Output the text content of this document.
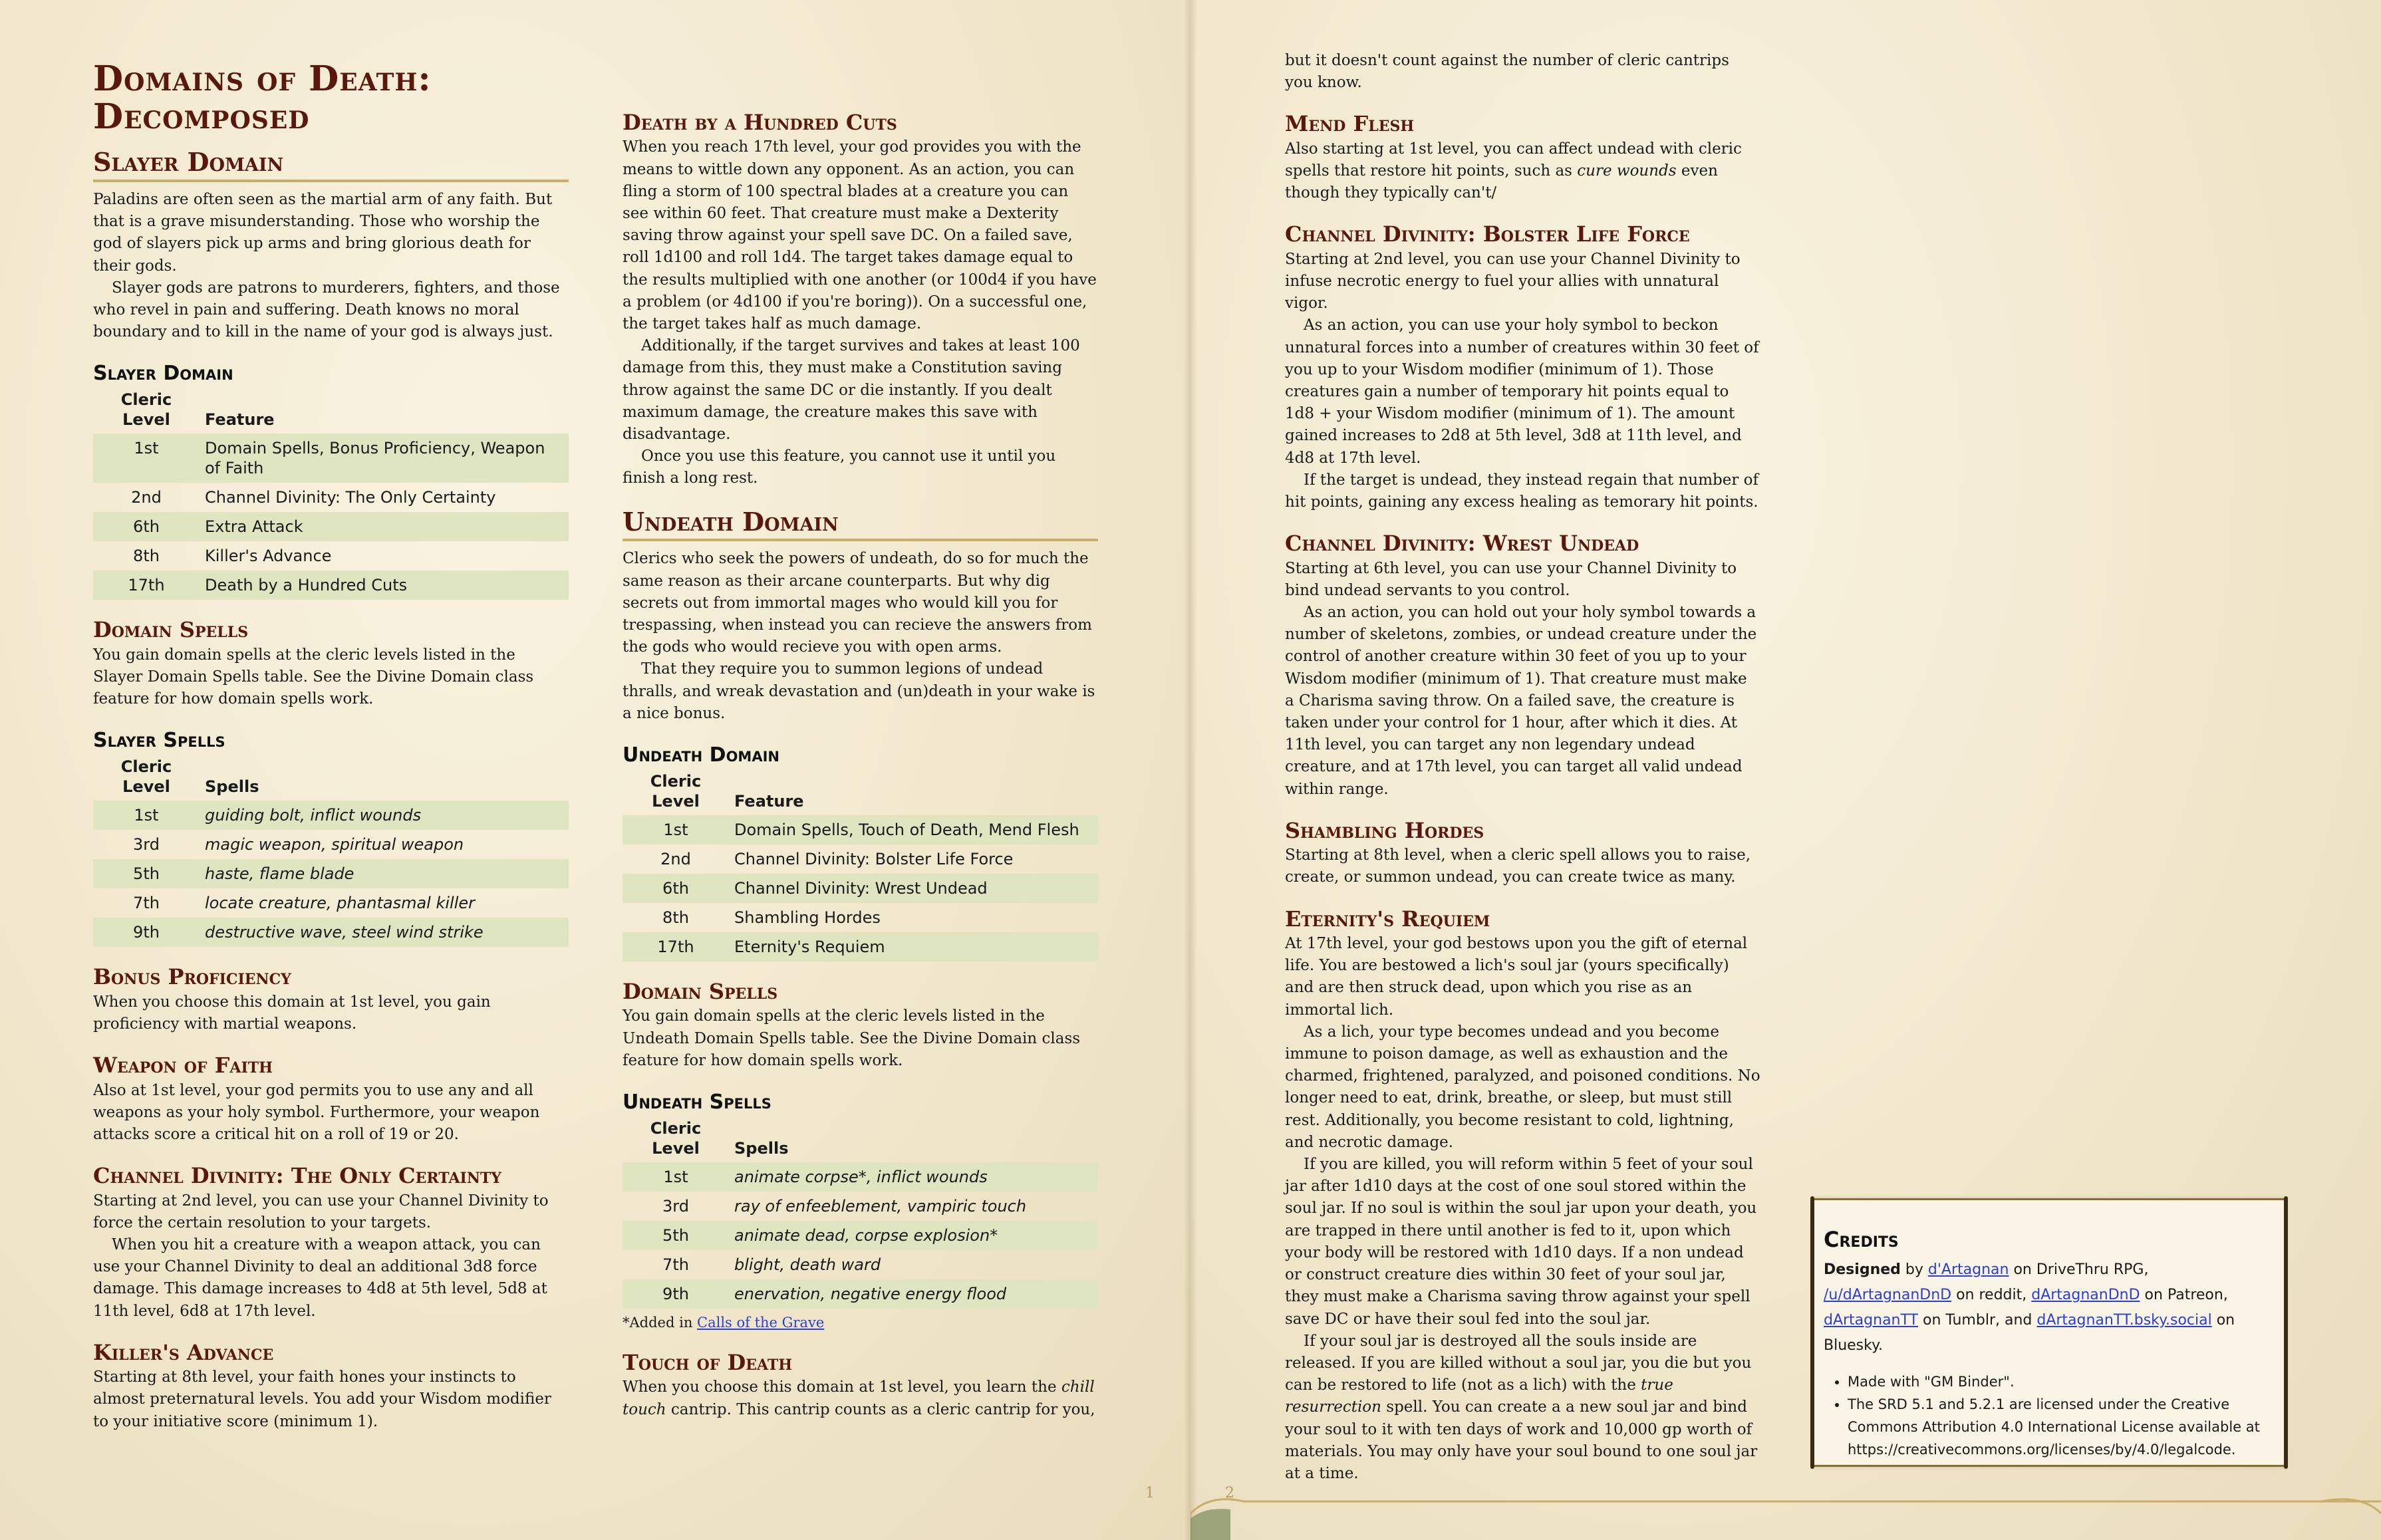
Domains of Death: Decomposed
Slayer Domain

Paladins are often seen as the martial arm of any faith. But that is a grave misunderstanding. Those who worship the god of slayers pick up arms and bring glorious death for their gods.

Slayer gods are patrons to murderers, fighters, and those who revel in pain and suffering. Death knows no moral boundary and to kill in the name of your god is always just.

Slayer Domain
Cleric Level	Feature
1st	Domain Spells, Bonus Proficiency, Weapon of Faith
2nd	Channel Divinity: The Only Certainty
6th	Extra Attack
8th	Killer's Advance
17th	Death by a Hundred Cuts
Domain Spells

You gain domain spells at the cleric levels listed in the Slayer Domain Spells table. See the Divine Domain class feature for how domain spells work.

Slayer Spells
Cleric Level	Spells
1st	guiding bolt, inflict wounds
3rd	magic weapon, spiritual weapon
5th	haste, flame blade
7th	locate creature, phantasmal killer
9th	destructive wave, steel wind strike
Bonus Proficiency

When you choose this domain at 1st level, you gain proficiency with martial weapons.

Weapon of Faith

Also at 1st level, your god permits you to use any and all weapons as your holy symbol. Furthermore, your weapon attacks score a critical hit on a roll of 19 or 20.

Channel Divinity: The Only Certainty

Starting at 2nd level, you can use your Channel Divinity to force the certain resolution to your targets.

When you hit a creature with a weapon attack, you can use your Channel Divinity to deal an additional 3d8 force damage. This damage increases to 4d8 at 5th level, 5d8 at 11th level, 6d8 at 17th level.

Killer's Advance

Starting at 8th level, your faith hones your instincts to almost preternatural levels. You add your Wisdom modifier to your initiative score (minimum 1).

Death by a Hundred Cuts

When you reach 17th level, your god provides you with the means to wittle down any opponent. As an action, you can fling a storm of 100 spectral blades at a creature you can see within 60 feet. That creature must make a Dexterity saving throw against your spell save DC. On a failed save, roll 1d100 and roll 1d4. The target takes damage equal to the results multiplied with one another (or 100d4 if you have a problem (or 4d100 if you're boring)). On a successful one, the target takes half as much damage.

Additionally, if the target survives and takes at least 100 damage from this, they must make a Constitution saving throw against the same DC or die instantly. If you dealt maximum damage, the creature makes this save with disadvantage.

Once you use this feature, you cannot use it until you finish a long rest.

Undeath Domain

Clerics who seek the powers of undeath, do so for much the same reason as their arcane counterparts. But why dig secrets out from immortal mages who would kill you for trespassing, when instead you can recieve the answers from the gods who would recieve you with open arms.

That they require you to summon legions of undead thralls, and wreak devastation and (un)death in your wake is a nice bonus.

Undeath Domain
Cleric Level	Feature
1st	Domain Spells, Touch of Death, Mend Flesh
2nd	Channel Divinity: Bolster Life Force
6th	Channel Divinity: Wrest Undead
8th	Shambling Hordes
17th	Eternity's Requiem
Domain Spells

You gain domain spells at the cleric levels listed in the Undeath Domain Spells table. See the Divine Domain class feature for how domain spells work.

Undeath Spells
Cleric Level	Spells
1st	animate corpse*, inflict wounds
3rd	ray of enfeeblement, vampiric touch
5th	animate dead, corpse explosion*
7th	blight, death ward
9th	enervation, negative energy flood
*Added in Calls of the Grave
Touch of Death

When you choose this domain at 1st level, you learn the chill touch cantrip. This cantrip counts as a cleric cantrip for you,

but it doesn't count against the number of cleric cantrips you know.

Mend Flesh

Also starting at 1st level, you can affect undead with cleric spells that restore hit points, such as cure wounds even though they typically can't/

Channel Divinity: Bolster Life Force

Starting at 2nd level, you can use your Channel Divinity to infuse necrotic energy to fuel your allies with unnatural vigor.

As an action, you can use your holy symbol to beckon unnatural forces into a number of creatures within 30 feet of you up to your Wisdom modifier (minimum of 1). Those creatures gain a number of temporary hit points equal to 1d8 + your Wisdom modifier (minimum of 1). The amount gained increases to 2d8 at 5th level, 3d8 at 11th level, and 4d8 at 17th level.

If the target is undead, they instead regain that number of hit points, gaining any excess healing as temorary hit points.

Channel Divinity: Wrest Undead

Starting at 6th level, you can use your Channel Divinity to bind undead servants to you control.

As an action, you can hold out your holy symbol towards a number of skeletons, zombies, or undead creature under the control of another creature within 30 feet of you up to your Wisdom modifier (minimum of 1). That creature must make a Charisma saving throw. On a failed save, the creature is taken under your control for 1 hour, after which it dies. At 11th level, you can target any non legendary undead creature, and at 17th level, you can target all valid undead within range.

Shambling Hordes

Starting at 8th level, when a cleric spell allows you to raise, create, or summon undead, you can create twice as many.

Eternity's Requiem

At 17th level, your god bestows upon you the gift of eternal life. You are bestowed a lich's soul jar (yours specifically) and are then struck dead, upon which you rise as an immortal lich.

As a lich, your type becomes undead and you become immune to poison damage, as well as exhaustion and the charmed, frightened, paralyzed, and poisoned conditions. No longer need to eat, drink, breathe, or sleep, but must still rest. Additionally, you become resistant to cold, lightning, and necrotic damage.

If you are killed, you will reform within 5 feet of your soul jar after 1d10 days at the cost of one soul stored within the soul jar. If no soul is within the soul jar upon your death, you are trapped in there until another is fed to it, upon which your body will be restored with 1d10 days. If a non undead or construct creature dies within 30 feet of your soul jar, they must make a Charisma saving throw against your spell save DC or have their soul fed into the soul jar.

If your soul jar is destroyed all the souls inside are released. If you are killed without a soul jar, you die but you can be restored to life (not as a lich) with the true resurrection spell. You can create a a new soul jar and bind your soul to it with ten days of work and 10,000 gp worth of materials. You may only have your soul bound to one soul jar at a time.

Credits
Designed by d'Artagnan on DriveThru RPG, /u/dArtagnanDnD on reddit, dArtagnanDnD on Patreon, dArtagnanTT on Tumblr, and dArtagnanTT.bsky.social on Bluesky.
• Made with "GM Binder".
• The SRD 5.1 and 5.2.1 are licensed under the Creative Commons Attribution 4.0 International License available at https://creativecommons.org/licenses/by/4.0/legalcode.
1	2
